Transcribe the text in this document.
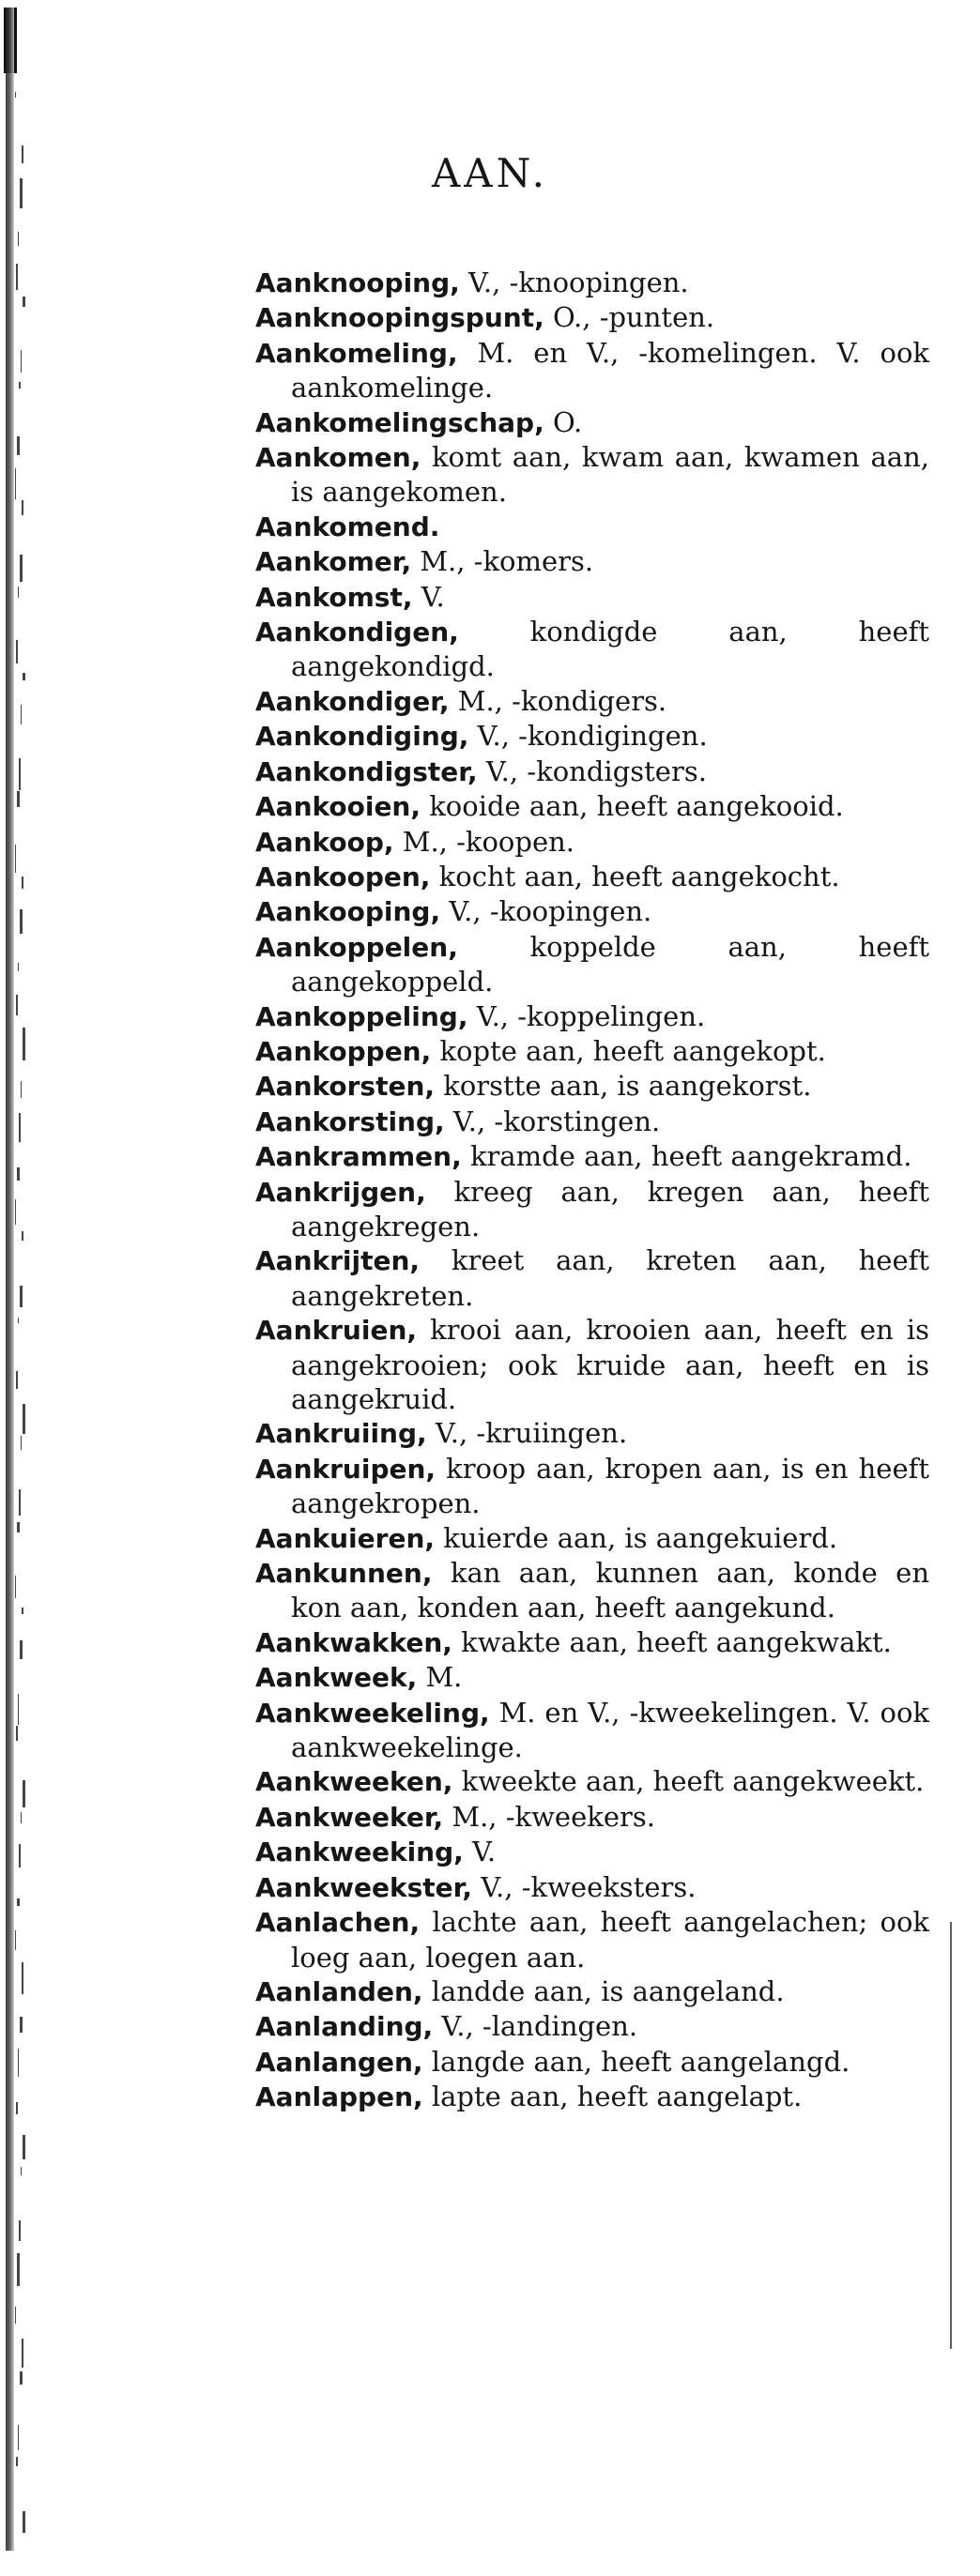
AAN.

Aanknooping, V., -knoopingen.

Aanknoopingspunt, O., -punten.

Aankomeling, M. en V., -komelingen. V. ook aankomelinge.

Aankomelingschap, O.

Aankomen, komt aan, kwam aan, kwamen aan, is aangekomen.

Aankomend.

Aankomer, M., -komers.

Aankomst, V.

Aankondigen,	kondigde aan, heeft aangekondigd.

Aankondiger, M., -kondigers.

Aankondiging, V., -kondigingen.

Aankondigster, V., -kondigsters.

Aankooien, kooide aan, heeft aangekooid.

Aankoop, M., -koopen.

Aankoopen, kocht aan, heeft aangekocht.

Aankooping, V., -koopingen.

Aankoppelen,	koppelde aan, heeft aangekoppeld.

Aankoppeling, V., -koppelingen.

Aankoppen, kopte aan, heeft aangekopt.

Aankorsten, korstte aan, is aangekorst.

Aankorsting, V., -korstingen.

Aankrammen, kramde aan, heeft aangekramd.

Aankrijgen, kreeg aan, kregen aan, heeft aangekregen.

Aankrijten, kreet aan, kreten aan, heeft aangekreten.

Aankruien, krooi aan, krooien aan, heeft en is aangekrooien; ook kruide aan, heeft en is aangekruid.

Aankruiing, V., -kruiingen.

Aankruipen, kroop aan, kropen aan, is en heeft aangekropen.

Aankuieren, kuierde aan, is aangekuierd.

Aankunnen, kan aan, kunnen aan, konde en kon aan, konden aan, heeft aangekund.

Aankwakken, kwakte aan, heeft aangekwakt.

Aankweek, M.

Aankweekeling, M. en V., -kweekelingen. V. ook aankweekelinge.

Aankweeken, kweekte aan, heeft aangekweekt.

Aankweeker, M., -kweekers.

Aankweeking, V.

Aankweekster, V., -kweeksters.

Aanlachen, lachte aan, heeft aangelachen; ook loeg aan, loegen aan.

Aanlanden, landde aan, is aangeland.

Aanlanding, V., -landingen.

Aanlangen, langde aan, heeft aangelangd.

Aanlappen, lapte aan, heeft aangelapt.
